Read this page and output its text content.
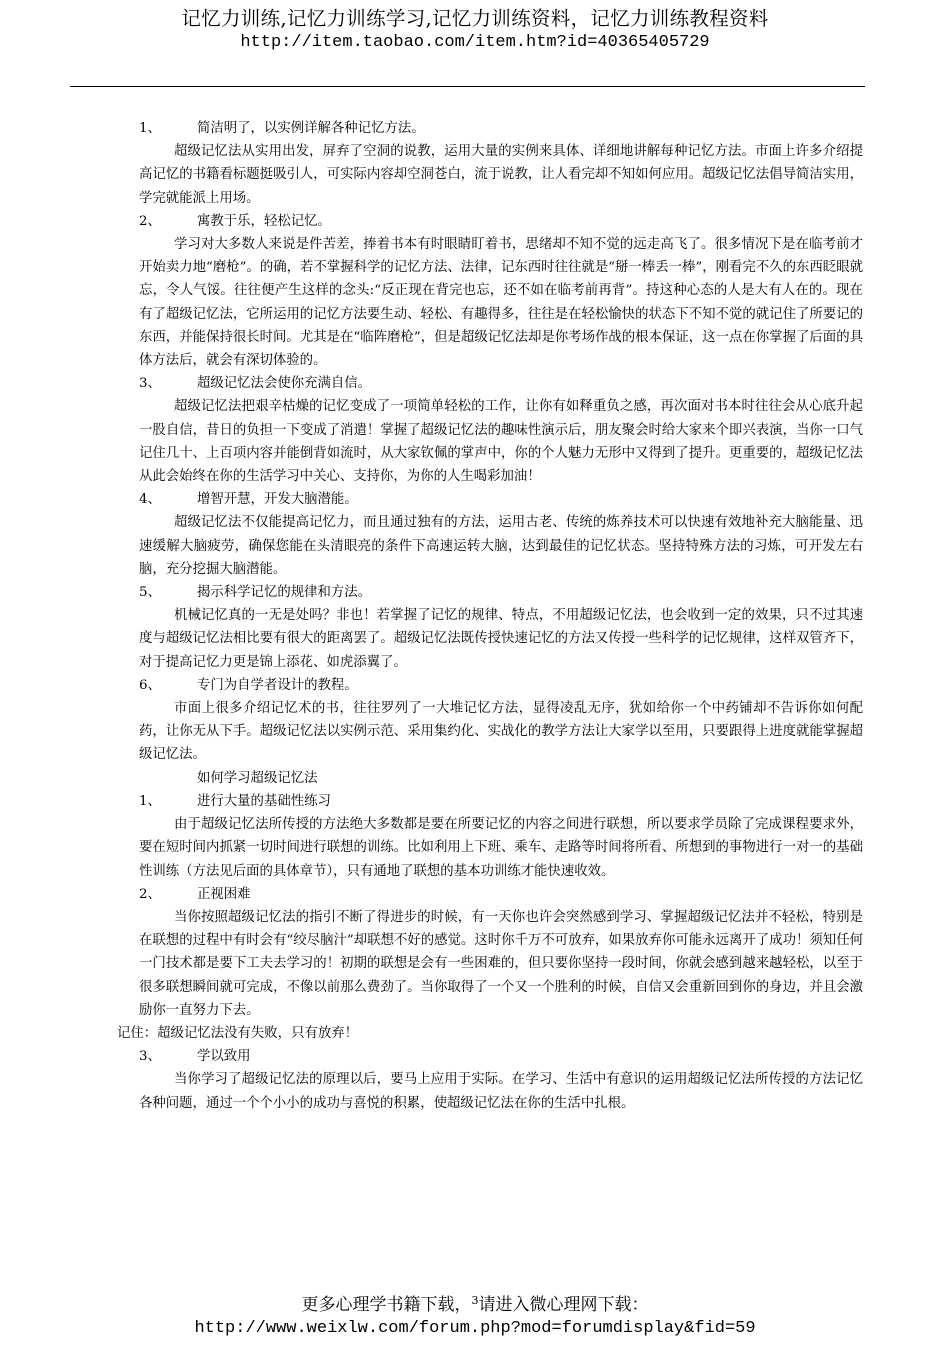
记忆力训练,记忆力训练学习,记忆力训练资料，记忆力训练教程资料
http://item.taobao.com/item.htm?id=40365405729

1、	简洁明了，以实例详解各种记忆方法。

超级记忆法从实用出发，屏弃了空洞的说教，运用大量的实例来具体、详细地讲解每种记忆方法。市面上许多介绍提高记忆的书籍看标题挺吸引人，可实际内容却空洞苍白，流于说教，让人看完却不知如何应用。超级记忆法倡导简洁实用，学完就能派上用场。

2、	寓教于乐，轻松记忆。

学习对大多数人来说是件苦差，捧着书本有时眼睛盯着书，思绪却不知不觉的远走高飞了。很多情况下是在临考前才开始卖力地“磨枪”。的确，若不掌握科学的记忆方法、法律，记东西时往往就是“掰一棒丢一棒”，刚看完不久的东西眨眼就忘，令人气馁。往往便产生这样的念头:“反正现在背完也忘，还不如在临考前再背”。持这种心态的人是大有人在的。现在有了超级记忆法，它所运用的记忆方法要生动、轻松、有趣得多，往往是在轻松愉快的状态下不知不觉的就记住了所要记的东西，并能保持很长时间。尤其是在“临阵磨枪”，但是超级记忆法却是你考场作战的根本保证，这一点在你掌握了后面的具体方法后，就会有深切体验的。

3、	超级记忆法会使你充满自信。

超级记忆法把艰辛枯燥的记忆变成了一项简单轻松的工作，让你有如释重负之感，再次面对书本时往往会从心底升起一股自信，昔日的负担一下变成了消遣！掌握了超级记忆法的趣味性演示后，朋友聚会时给大家来个即兴表演，当你一口气记住几十、上百项内容并能倒背如流时，从大家钦佩的掌声中，你的个人魅力无形中又得到了提升。更重要的，超级记忆法从此会始终在你的生活学习中关心、支持你，为你的人生喝彩加油！

4、	增智开慧，开发大脑潜能。

超级记忆法不仅能提高记忆力，而且通过独有的方法，运用古老、传统的炼养技术可以快速有效地补充大脑能量、迅速缓解大脑疲劳，确保您能在头清眼亮的条件下高速运转大脑，达到最佳的记忆状态。坚持特殊方法的习炼，可开发左右脑，充分挖掘大脑潜能。

5、	揭示科学记忆的规律和方法。

机械记忆真的一无是处吗？非也！若掌握了记忆的规律、特点，不用超级记忆法，也会收到一定的效果，只不过其速度与超级记忆法相比要有很大的距离罢了。超级记忆法既传授快速记忆的方法又传授一些科学的记忆规律，这样双管齐下，对于提高记忆力更是锦上添花、如虎添翼了。

6、	专门为自学者设计的教程。

市面上很多介绍记忆术的书，往往罗列了一大堆记忆方法，显得凌乱无序，犹如给你一个中药铺却不告诉你如何配药，让你无从下手。超级记忆法以实例示范、采用集约化、实战化的教学方法让大家学以至用，只要跟得上进度就能掌握超级记忆法。

如何学习超级记忆法

1、	进行大量的基础性练习

由于超级记忆法所传授的方法绝大多数都是要在所要记忆的内容之间进行联想，所以要求学员除了完成课程要求外，要在短时间内抓紧一切时间进行联想的训练。比如利用上下班、乘车、走路等时间将所看、所想到的事物进行一对一的基础性训练（方法见后面的具体章节），只有通地了联想的基本功训练才能快速收效。

2、	正视困难

当你按照超级记忆法的指引不断了得进步的时候，有一天你也许会突然感到学习、掌握超级记忆法并不轻松，特别是在联想的过程中有时会有“绞尽脑汁”却联想不好的感觉。这时你千万不可放弃，如果放弃你可能永远离开了成功！须知任何一门技术都是要下工夫去学习的！初期的联想是会有一些困难的，但只要你坚持一段时间，你就会感到越来越轻松，以至于很多联想瞬间就可完成，不像以前那么费劲了。当你取得了一个又一个胜利的时候，自信又会重新回到你的身边，并且会激励你一直努力下去。

记住：超级记忆法没有失败，只有放弃！

3、	学以致用

当你学习了超级记忆法的原理以后，要马上应用于实际。在学习、生活中有意识的运用超级记忆法所传授的方法记忆各种问题，通过一个个小小的成功与喜悦的积累，使超级记忆法在你的生活中扎根。

更多心理学书籍下载，$^3$请进入微心理网下载：
http://www.weixlw.com/forum.php?mod=forumdisplay&fid=59
